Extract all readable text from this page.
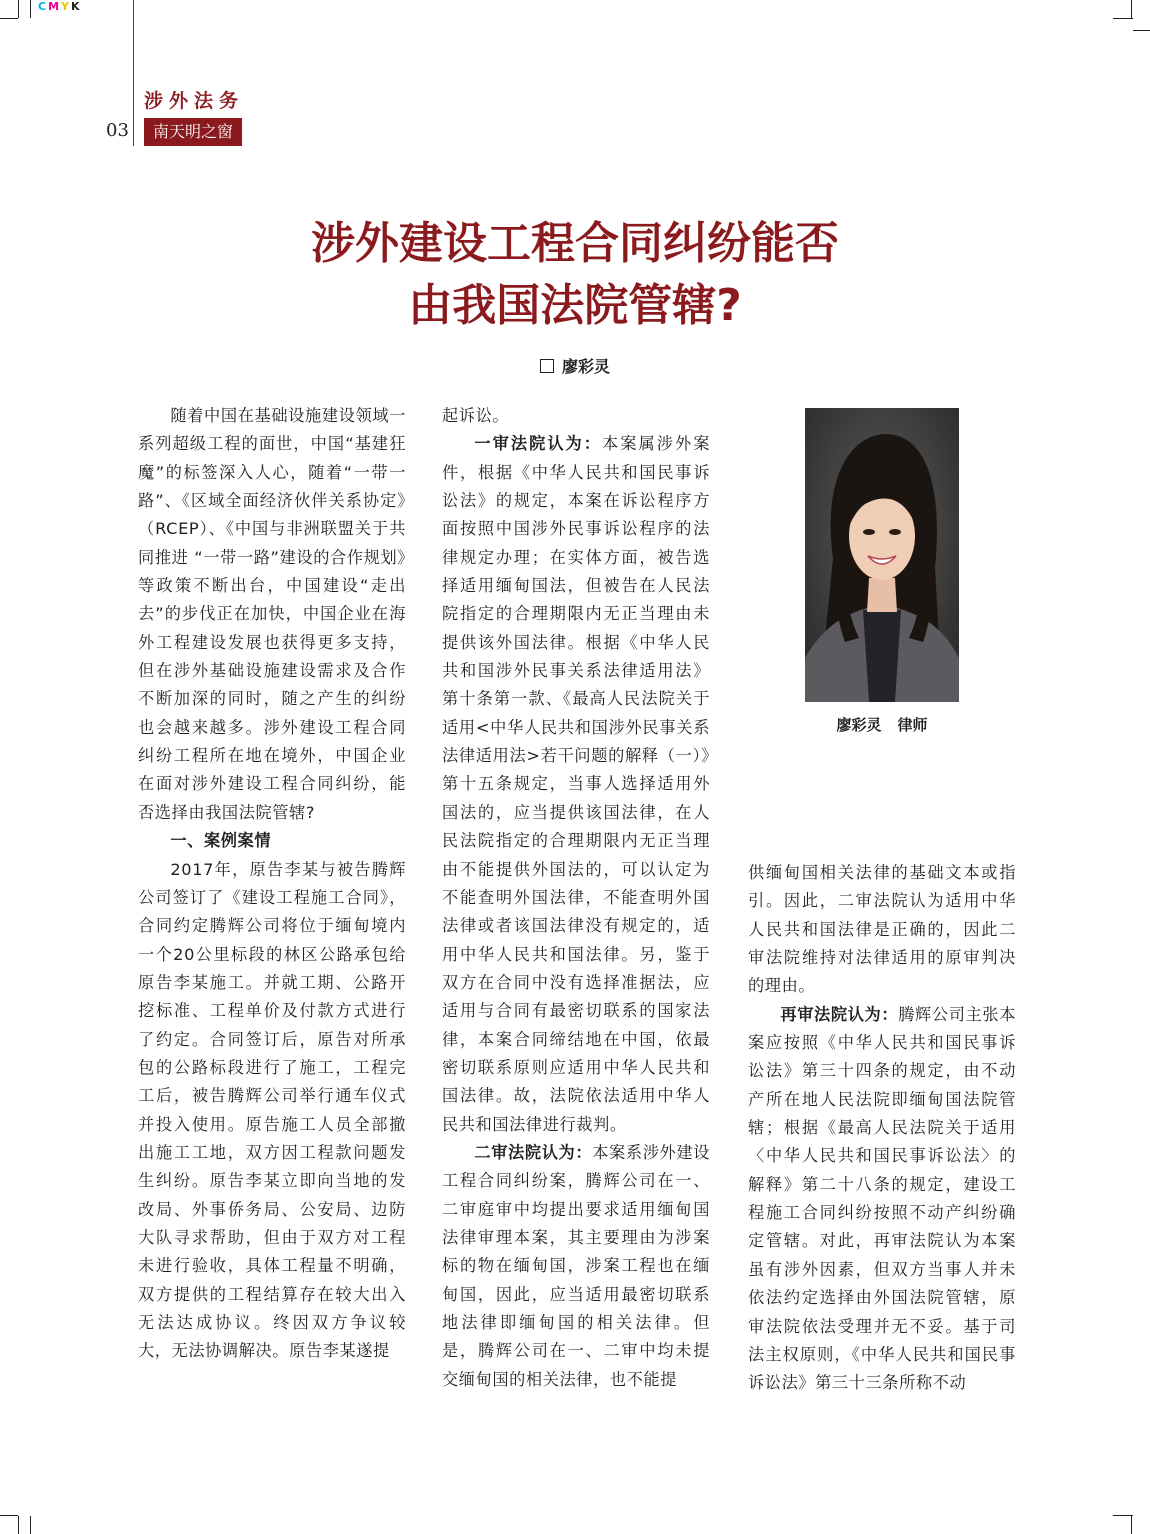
CMYK
涉外法务
03	南天明之窗
涉外建设工程合同纠纷能否
由我国法院管辖?
廖彩灵

随着中国在基础设施建设领域一系列超级工程的面世，中国“基建狂魔”的标签深入人心，随着“一带一路”、《区域全面经济伙伴关系协定》（RCEP）、《中国与非洲联盟关于共同推进 “一带一路”建设的合作规划》等政策不断出台，中国建设“走出去”的步伐正在加快，中国企业在海外工程建设发展也获得更多支持，但在涉外基础设施建设需求及合作不断加深的同时，随之产生的纠纷也会越来越多。涉外建设工程合同纠纷工程所在地在境外，中国企业在面对涉外建设工程合同纠纷，能否选择由我国法院管辖?

一、案例案情

2017年，原告李某与被告腾辉公司签订了《建设工程施工合同》，合同约定腾辉公司将位于缅甸境内一个20公里标段的林区公路承包给原告李某施工。并就工期、公路开挖标准、工程单价及付款方式进行了约定。合同签订后，原告对所承包的公路标段进行了施工，工程完工后，被告腾辉公司举行通车仪式并投入使用。原告施工人员全部撤出施工工地，双方因工程款问题发生纠纷。原告李某立即向当地的发改局、外事侨务局、公安局、边防大队寻求帮助，但由于双方对工程未进行验收，具体工程量不明确，双方提供的工程结算存在较大出入无法达成协议。终因双方争议较大，无法协调解决。原告李某遂提

起诉讼。

一审法院认为：本案属涉外案件，根据《中华人民共和国民事诉讼法》的规定，本案在诉讼程序方面按照中国涉外民事诉讼程序的法律规定办理；在实体方面，被告选择适用缅甸国法，但被告在人民法院指定的合理期限内无正当理由未提供该外国法律。根据《中华人民共和国涉外民事关系法律适用法》第十条第一款、《最高人民法院关于适用<中华人民共和国涉外民事关系法律适用法>若干问题的解释（一）》第十五条规定，当事人选择适用外国法的，应当提供该国法律，在人民法院指定的合理期限内无正当理由不能提供外国法的，可以认定为不能查明外国法律，不能查明外国法律或者该国法律没有规定的，适用中华人民共和国法律。另，鉴于双方在合同中没有选择准据法，应适用与合同有最密切联系的国家法律，本案合同缔结地在中国，依最密切联系原则应适用中华人民共和国法律。故，法院依法适用中华人民共和国法律进行裁判。

二审法院认为：本案系涉外建设工程合同纠纷案，腾辉公司在一、二审庭审中均提出要求适用缅甸国法律审理本案，其主要理由为涉案标的物在缅甸国，涉案工程也在缅甸国，因此，应当适用最密切联系地法律即缅甸国的相关法律。但是，腾辉公司在一、二审中均未提交缅甸国的相关法律，也不能提

廖彩灵 律师

供缅甸国相关法律的基础文本或指引。因此，二审法院认为适用中华人民共和国法律是正确的，因此二审法院维持对法律适用的原审判决的理由。

再审法院认为：腾辉公司主张本案应按照《中华人民共和国民事诉讼法》第三十四条的规定，由不动产所在地人民法院即缅甸国法院管辖；根据《最高人民法院关于适用〈中华人民共和国民事诉讼法〉的解释》第二十八条的规定，建设工程施工合同纠纷按照不动产纠纷确定管辖。对此，再审法院认为本案虽有涉外因素，但双方当事人并未依法约定选择由外国法院管辖，原审法院依法受理并无不妥。基于司法主权原则，《中华人民共和国民事诉讼法》第三十三条所称不动
